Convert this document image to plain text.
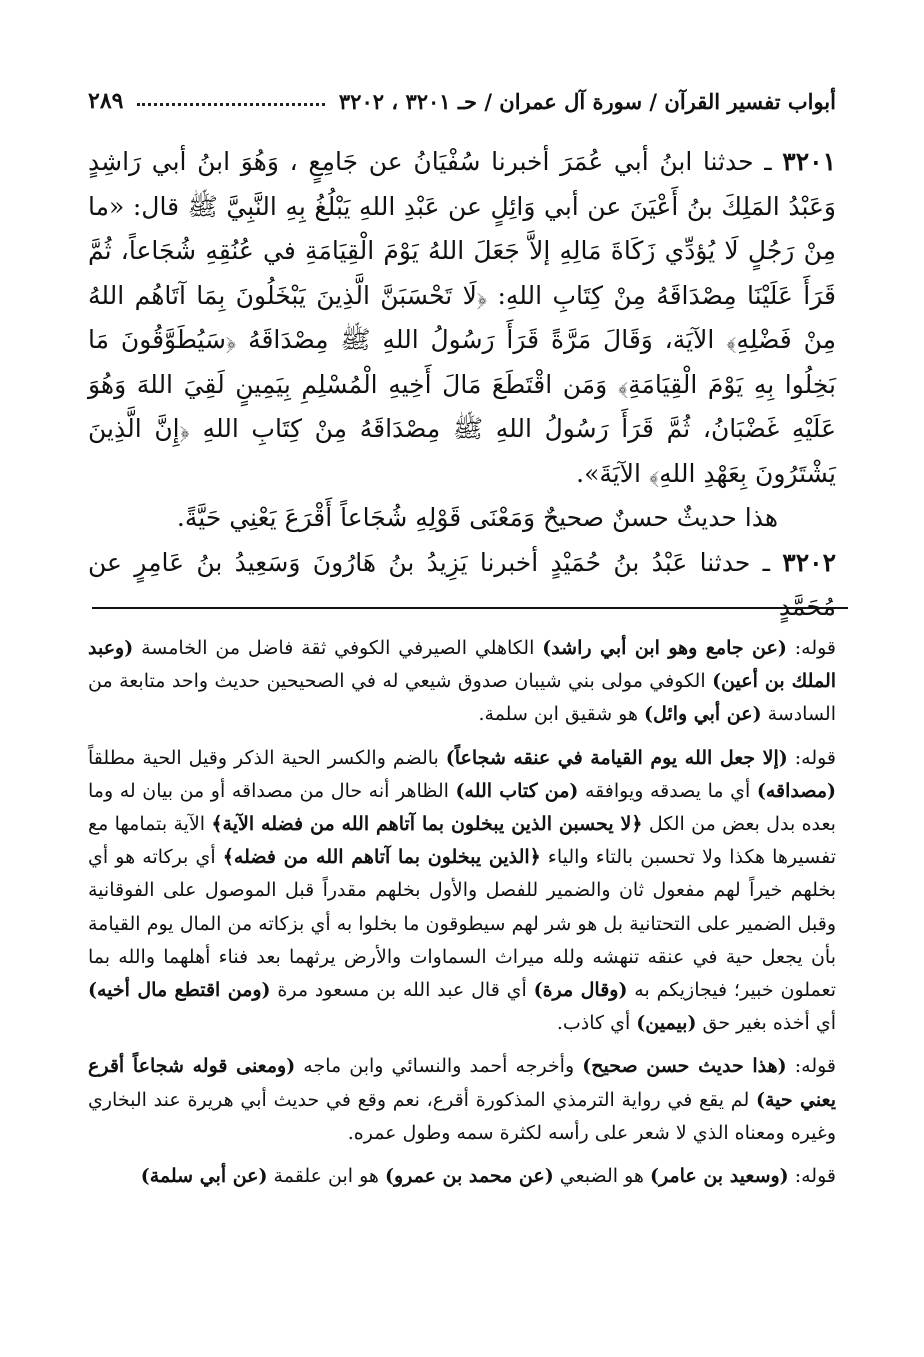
أبواب تفسير القرآن / سورة آل عمران / حـ ٣٢٠١ ، ٣٢٠٢
٢٨٩

٣٢٠١ ـ حدثنا ابنُ أبي عُمَرَ أخبرنا سُفْيَانُ عن جَامِعٍ ، وَهُوَ ابنُ أبي رَاشِدٍ وَعَبْدُ المَلِكَ بنُ أَعْيَنَ عن أبي وَائِلٍ عن عَبْدِ اللهِ يَبْلُغُ بِهِ النَّبِيَّ ﷺ قال: «ما مِنْ رَجُلٍ لَا يُؤدِّي زَكَاةَ مَالِهِ إلاَّ جَعَلَ اللهُ يَوْمَ الْقِيَامَةِ في عُنُقِهِ شُجَاعاً، ثُمَّ قَرَأَ عَلَيْنَا مِصْدَاقَهُ مِنْ كِتَابِ اللهِ: ﴿لَا تَحْسَبَنَّ الَّذِينَ يَبْخَلُونَ بِمَا آتَاهُم اللهُ مِنْ فَضْلِهِ﴾ الآيَة، وَقَالَ مَرَّةً قَرَأَ رَسُولُ اللهِ ﷺ مِصْدَاقَهُ ﴿سَيُطَوَّقُونَ مَا بَخِلُوا بِهِ يَوْمَ الْقِيَامَةِ﴾ وَمَن اقْتَطَعَ مَالَ أَخِيهِ الْمُسْلِمِ بِيَمِينٍ لَقِيَ اللهَ وَهُوَ عَلَيْهِ غَضْبَانُ، ثُمَّ قَرَأَ رَسُولُ اللهِ ﷺ مِصْدَاقَهُ مِنْ كِتَابِ اللهِ ﴿إِنَّ الَّذِينَ يَشْتَرُونَ بِعَهْدِ اللهِ﴾ الآيَةَ».

هذا حديثٌ حسنٌ صحيحٌ وَمَعْنَى قَوْلِهِ شُجَاعاً أَقْرَعَ يَعْنِي حَيَّةً.

٣٢٠٢ ـ حدثنا عَبْدُ بنُ حُمَيْدٍ أخبرنا يَزِيدُ بنُ هَارُونَ وَسَعِيدُ بنُ عَامِرٍ عن مُحَمَّدٍ

قوله: (عن جامع وهو ابن أبي راشد) الكاهلي الصيرفي الكوفي ثقة فاضل من الخامسة (وعبد الملك بن أعين) الكوفي مولى بني شيبان صدوق شيعي له في الصحيحين حديث واحد متابعة من السادسة (عن أبي وائل) هو شقيق ابن سلمة.

قوله: (إلا جعل الله يوم القيامة في عنقه شجاعاً) بالضم والكسر الحية الذكر وقيل الحية مطلقاً (مصداقه) أي ما يصدقه ويوافقه (من كتاب الله) الظاهر أنه حال من مصداقه أو من بيان له وما بعده بدل بعض من الكل ﴿لا يحسبن الذين يبخلون بما آتاهم الله من فضله الآية﴾ الآية بتمامها مع تفسيرها هكذا ولا تحسبن بالتاء والياء ﴿الذين يبخلون بما آتاهم الله من فضله﴾ أي بركاته هو أي بخلهم خيراً لهم مفعول ثان والضمير للفصل والأول بخلهم مقدراً قبل الموصول على الفوقانية وقبل الضمير على التحتانية بل هو شر لهم سيطوقون ما بخلوا به أي بزكاته من المال يوم القيامة بأن يجعل حية في عنقه تنهشه ولله ميراث السماوات والأرض يرثهما بعد فناء أهلهما والله بما تعملون خبير؛ فيجازيكم به (وقال مرة) أي قال عبد الله بن مسعود مرة (ومن اقتطع مال أخيه) أي أخذه بغير حق (بيمين) أي كاذب.

قوله: (هذا حديث حسن صحيح) وأخرجه أحمد والنسائي وابن ماجه (ومعنى قوله شجاعاً أقرع يعني حية) لم يقع في رواية الترمذي المذكورة أقرع، نعم وقع في حديث أبي هريرة عند البخاري وغيره ومعناه الذي لا شعر على رأسه لكثرة سمه وطول عمره.

قوله: (وسعيد بن عامر) هو الضبعي (عن محمد بن عمرو) هو ابن علقمة (عن أبي سلمة)
